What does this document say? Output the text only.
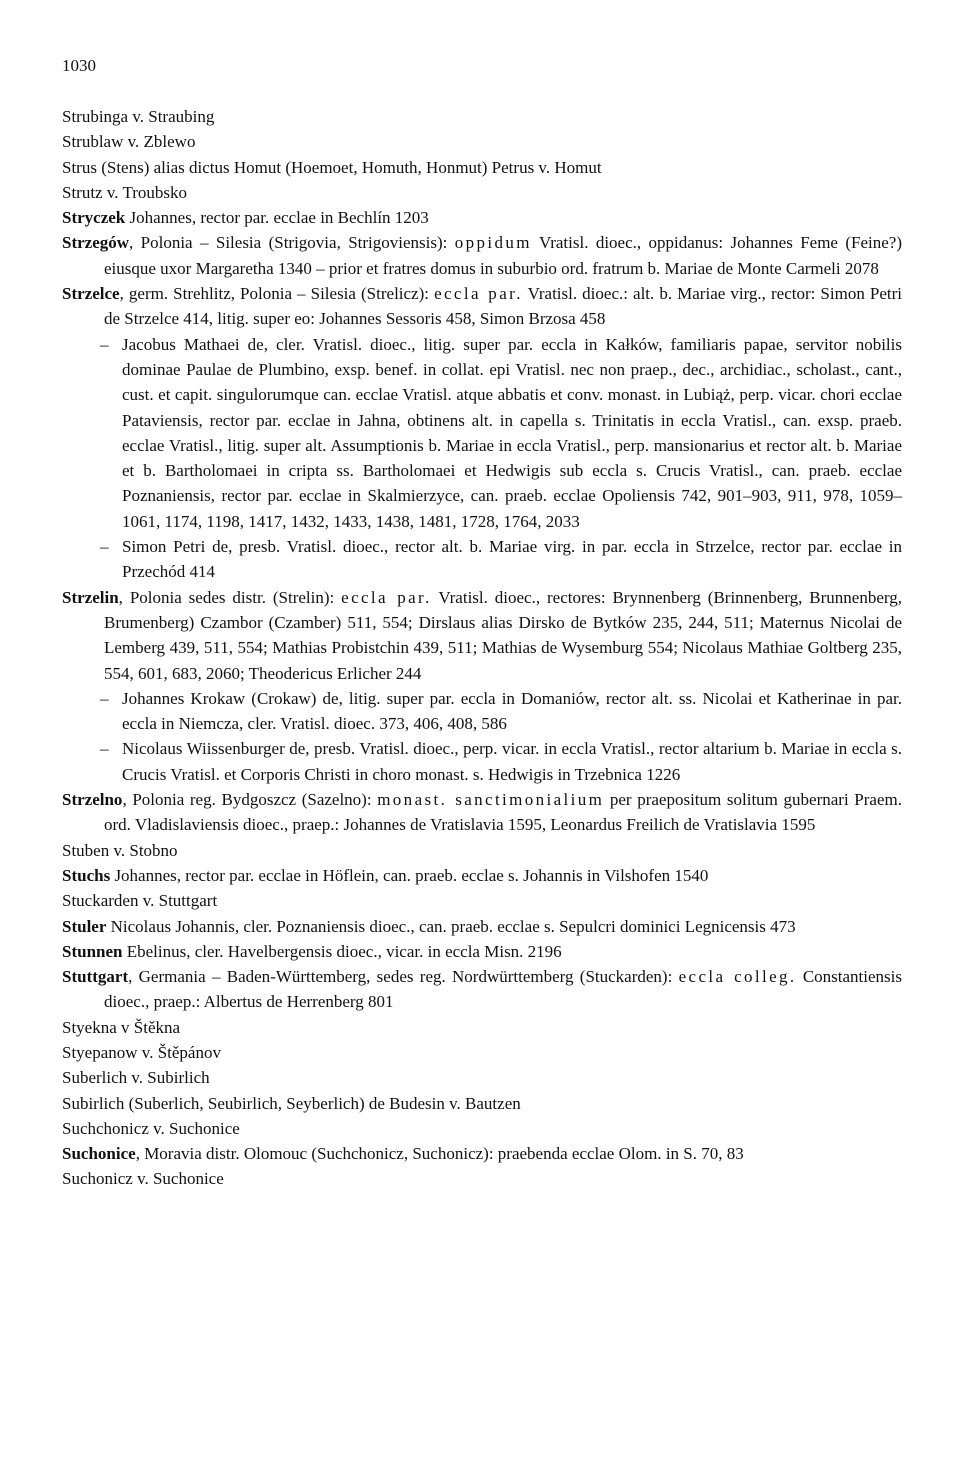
1030
Strubinga v. Straubing
Strublaw v. Zblewo
Strus (Stens) alias dictus Homut (Hoemoet, Homuth, Honmut) Petrus v. Homut
Strutz v. Troubsko
Stryczek Johannes, rector par. ecclae in Bechlín 1203
Strzegów, Polonia – Silesia (Strigovia, Strigoviensis): oppidum Vratisl. dioec., oppidanus: Johannes Feme (Feine?) eiusque uxor Margaretha 1340 – prior et fratres domus in suburbio ord. fratrum b. Mariae de Monte Carmeli 2078
Strzelce, germ. Strehlitz, Polonia – Silesia (Strelicz): eccla par. Vratisl. dioec.: alt. b. Mariae virg., rector: Simon Petri de Strzelce 414, litig. super eo: Johannes Sessoris 458, Simon Brzosa 458
– Jacobus Mathaei de, cler. Vratisl. dioec., litig. super par. eccla in Kałków, familiaris papae, servitor nobilis dominae Paulae de Plumbino, exsp. benef. in collat. epi Vratisl. nec non praep., dec., archidiac., scholast., cant., cust. et capit. singulorumque can. ecclae Vratisl. atque abbatis et conv. monast. in Lubiąż, perp. vicar. chori ecclae Pataviensis, rector par. ecclae in Jahna, obtinens alt. in capella s. Trinitatis in eccla Vratisl., can. exsp. praeb. ecclae Vratisl., litig. super alt. Assumptionis b. Mariae in eccla Vratisl., perp. mansionarius et rector alt. b. Mariae et b. Bartholomaei in cripta ss. Bartholomaei et Hedwigis sub eccla s. Crucis Vratisl., can. praeb. ecclae Poznaniensis, rector par. ecclae in Skalmierzyce, can. praeb. ecclae Opoliensis 742, 901–903, 911, 978, 1059–1061, 1174, 1198, 1417, 1432, 1433, 1438, 1481, 1728, 1764, 2033
– Simon Petri de, presb. Vratisl. dioec., rector alt. b. Mariae virg. in par. eccla in Strzelce, rector par. ecclae in Przechód 414
Strzelin, Polonia sedes distr. (Strelin): eccla par. Vratisl. dioec., rectores: Brynnenberg (Brinnenberg, Brunnenberg, Brumenberg) Czambor (Czamber) 511, 554; Dirslaus alias Dirsko de Bytków 235, 244, 511; Maternus Nicolai de Lemberg 439, 511, 554; Mathias Probistchin 439, 511; Mathias de Wysemburg 554; Nicolaus Mathiae Goltberg 235, 554, 601, 683, 2060; Theodericus Erlicher 244
– Johannes Krokaw (Crokaw) de, litig. super par. eccla in Domaniów, rector alt. ss. Nicolai et Katherinae in par. eccla in Niemcza, cler. Vratisl. dioec. 373, 406, 408, 586
– Nicolaus Wiissenburger de, presb. Vratisl. dioec., perp. vicar. in eccla Vratisl., rector altarium b. Mariae in eccla s. Crucis Vratisl. et Corporis Christi in choro monast. s. Hedwigis in Trzebnica 1226
Strzelno, Polonia reg. Bydgoszcz (Sazelno): monast. sanctimonialium per praepositum solitum gubernari Praem. ord. Vladislaviensis dioec., praep.: Johannes de Vratislavia 1595, Leonardus Freilich de Vratislavia 1595
Stuben v. Stobno
Stuchs Johannes, rector par. ecclae in Höflein, can. praeb. ecclae s. Johannis in Vilshofen 1540
Stuckarden v. Stuttgart
Stuler Nicolaus Johannis, cler. Poznaniensis dioec., can. praeb. ecclae s. Sepulcri dominici Legnicensis 473
Stunnen Ebelinus, cler. Havelbergensis dioec., vicar. in eccla Misn. 2196
Stuttgart, Germania – Baden-Württemberg, sedes reg. Nordwürttemberg (Stuckarden): eccla colleg. Constantiensis dioec., praep.: Albertus de Herrenberg 801
Styekna v Štěkna
Styepanow v. Štěpánov
Suberlich v. Subirlich
Subirlich (Suberlich, Seubirlich, Seyberlich) de Budesin v. Bautzen
Suchchonicz v. Suchonice
Suchonice, Moravia distr. Olomouc (Suchchonicz, Suchonicz): praebenda ecclae Olom. in S. 70, 83
Suchonicz v. Suchonice
